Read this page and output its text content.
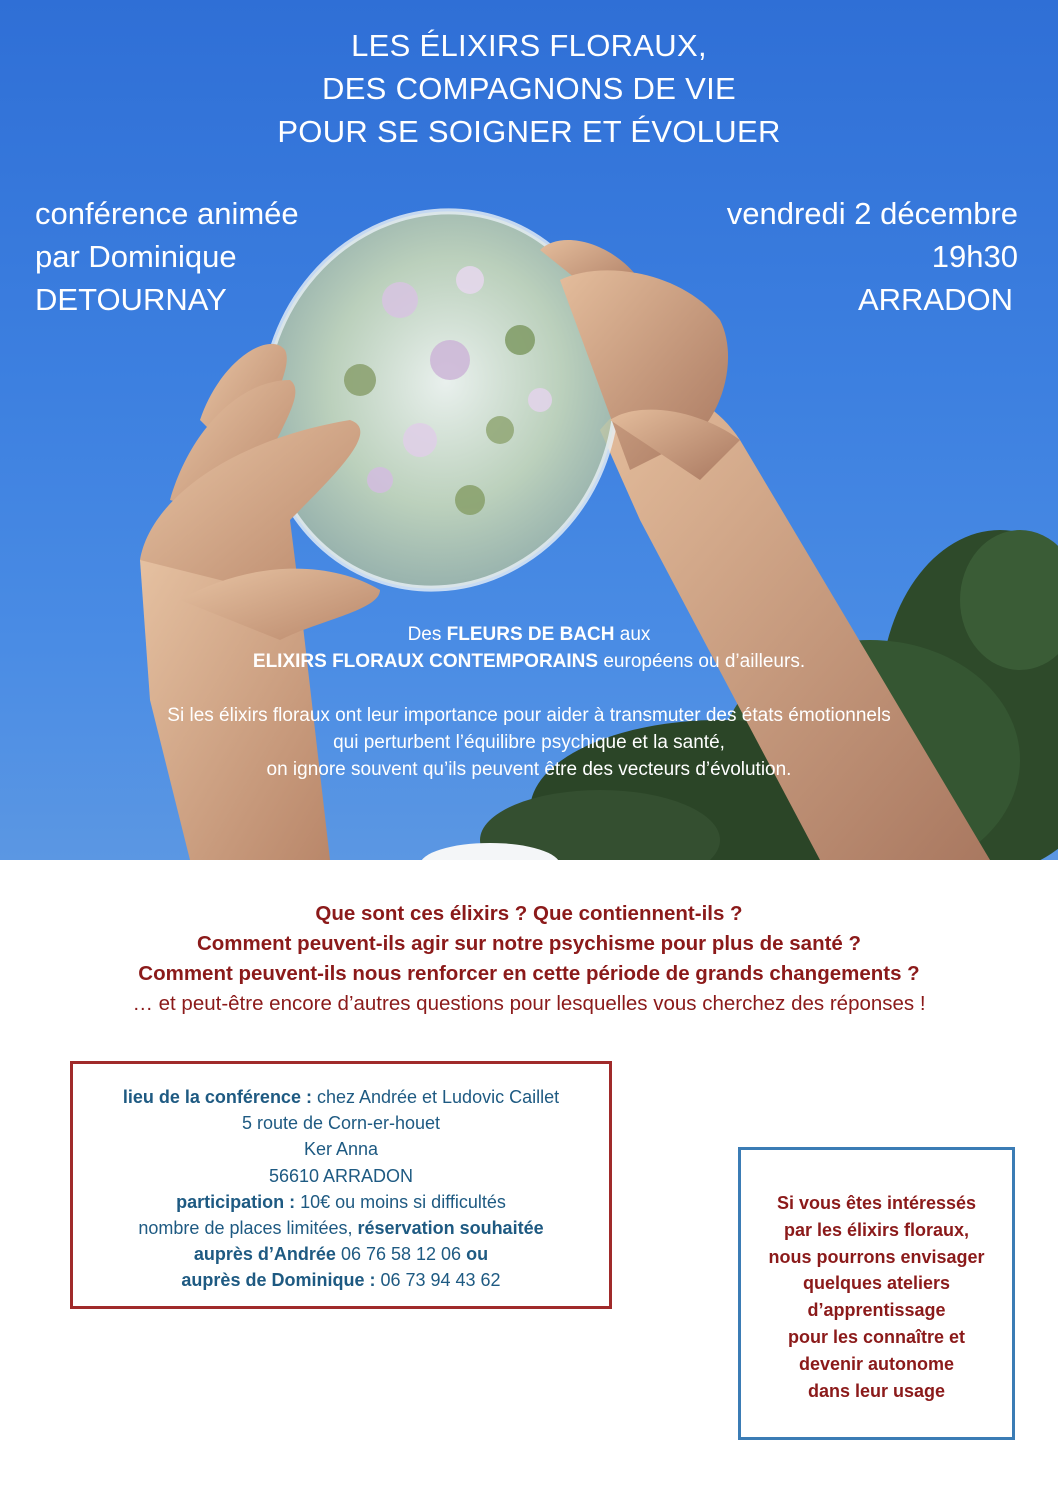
LES ÉLIXIRS FLORAUX,
DES COMPAGNONS DE VIE
POUR SE SOIGNER ET ÉVOLUER
conférence animée
par Dominique
DETOURNAY
vendredi 2 décembre
19h30
ARRADON

Des FLEURS DE BACH aux

ELIXIRS FLORAUX CONTEMPORAINS européens ou d’ailleurs.

Si les élixirs floraux ont leur importance pour aider à transmuter des états émotionnels

qui perturbent l’équilibre psychique et la santé,

on ignore souvent qu’ils peuvent être des vecteurs d’évolution.

Que sont ces élixirs ? Que contiennent-ils ?
Comment peuvent-ils agir sur notre psychisme pour plus de santé ?
Comment peuvent-ils nous renforcer en cette période de grands changements ?
… et peut-être encore d’autres questions pour lesquelles vous cherchez des réponses !
lieu de la conférence : chez Andrée et Ludovic Caillet
5 route de Corn-er-houet
Ker Anna
56610 ARRADON
participation : 10€ ou moins si difficultés
nombre de places limitées, réservation souhaitée
auprès d’Andrée 06 76 58 12 06 ou
auprès de Dominique : 06 73 94 43 62
Si vous êtes intéressés
par les élixirs floraux,
nous pourrons envisager
quelques ateliers
d’apprentissage
pour les connaître et
devenir autonome
dans leur usage
